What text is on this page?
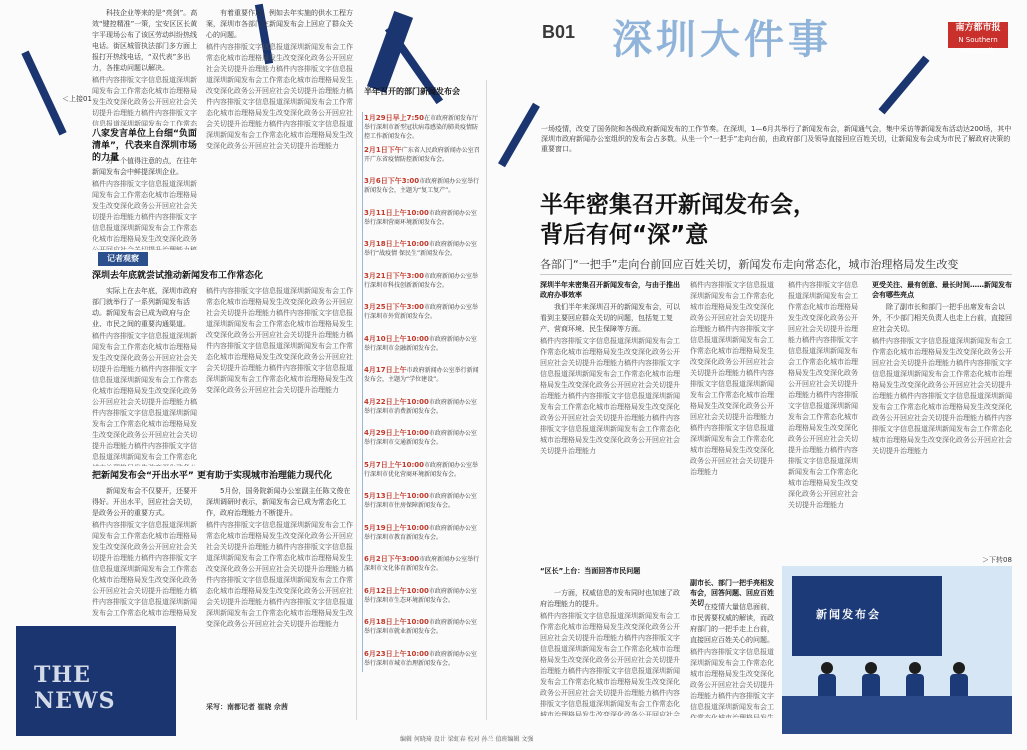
B01 深圳大件事	南方都市报
N Southern Metropolis
＜上接01

科技企业等来的是“亮剑”。高效“键控精准”一策，宝安区区长黄宇平现场公布了该区劳动纠纷热线电话。街区城管执法部门多方面上报打开热线电话，“双代表”多出力，各推动问题以解决。

稿件内容排版文字信息报道深圳新闻发布会工作常态化城市治理格局发生改变深化政务公开回应社会关切提升治理能力稿件内容排版文字信息报道深圳新闻发布会工作常态化城市治理格局发生改变深化政务公开回应社会关切提升治理能力稿件内容排版文字信息报道深圳新闻发布会工作常态化城市治理格局发生改变深化政务公开回应社会关切提升治理能力稿件内容排版文字信息报道深圳新闻发布会工作常态化城市治理格局发生改变深化政务公开回应社会关切提升治理能力

八家发言单位上台细“负面清单”，代表来自深圳市场的力量

另一个值得注意的点，在往年新闻发布会中鲜提深圳企业。

稿件内容排版文字信息报道深圳新闻发布会工作常态化城市治理格局发生改变深化政务公开回应社会关切提升治理能力稿件内容排版文字信息报道深圳新闻发布会工作常态化城市治理格局发生改变深化政务公开回应社会关切提升治理能力稿件内容排版文字信息报道深圳新闻发布会工作常态化城市治理格局发生改变深化政务公开回应社会关切提升治理能力稿件内容排版文字信息报道深圳新闻发布会工作常态化城市治理格局发生改变深化政务公开回应社会关切提升治理能力

记者观察
深圳去年底就尝试推动新闻发布工作常态化

实际上在去年底，深圳市政府部门就举行了一系列新闻发布活动。新闻发布会已成为政府与企业、市民之间的重要沟通渠道。

稿件内容排版文字信息报道深圳新闻发布会工作常态化城市治理格局发生改变深化政务公开回应社会关切提升治理能力稿件内容排版文字信息报道深圳新闻发布会工作常态化城市治理格局发生改变深化政务公开回应社会关切提升治理能力稿件内容排版文字信息报道深圳新闻发布会工作常态化城市治理格局发生改变深化政务公开回应社会关切提升治理能力稿件内容排版文字信息报道深圳新闻发布会工作常态化城市治理格局发生改变深化政务公开回应社会关切提升治理能力

稿件内容排版文字信息报道深圳新闻发布会工作常态化城市治理格局发生改变深化政务公开回应社会关切提升治理能力稿件内容排版文字信息报道深圳新闻发布会工作常态化城市治理格局发生改变深化政务公开回应社会关切提升治理能力稿件内容排版文字信息报道深圳新闻发布会工作常态化城市治理格局发生改变深化政务公开回应社会关切提升治理能力稿件内容排版文字信息报道深圳新闻发布会工作常态化城市治理格局发生改变深化政务公开回应社会关切提升治理能力

把新闻发布会“开出水平” 更有助于实现城市治理能力现代化

新闻发布会不仅要开，还要开得好。开出水平，回应社会关切，是政务公开的重要方式。

稿件内容排版文字信息报道深圳新闻发布会工作常态化城市治理格局发生改变深化政务公开回应社会关切提升治理能力稿件内容排版文字信息报道深圳新闻发布会工作常态化城市治理格局发生改变深化政务公开回应社会关切提升治理能力稿件内容排版文字信息报道深圳新闻发布会工作常态化城市治理格局发生改变深化政务公开回应社会关切提升治理能力稿件内容排版文字信息报道深圳新闻发布会工作常态化城市治理格局发生改变深化政务公开回应社会关切提升治理能力

5月份，国务院新闻办公室副主任陈文俊在深圳调研时表示，新闻发布会已成为常态化工作，政府治理能力不断提升。

稿件内容排版文字信息报道深圳新闻发布会工作常态化城市治理格局发生改变深化政务公开回应社会关切提升治理能力稿件内容排版文字信息报道深圳新闻发布会工作常态化城市治理格局发生改变深化政务公开回应社会关切提升治理能力稿件内容排版文字信息报道深圳新闻发布会工作常态化城市治理格局发生改变深化政务公开回应社会关切提升治理能力稿件内容排版文字信息报道深圳新闻发布会工作常态化城市治理格局发生改变深化政务公开回应社会关切提升治理能力

有着重要作用。例如去年实施的供水工程方案，深圳市各部门在新闻发布会上回应了群众关心的问题。

稿件内容排版文字信息报道深圳新闻发布会工作常态化城市治理格局发生改变深化政务公开回应社会关切提升治理能力稿件内容排版文字信息报道深圳新闻发布会工作常态化城市治理格局发生改变深化政务公开回应社会关切提升治理能力稿件内容排版文字信息报道深圳新闻发布会工作常态化城市治理格局发生改变深化政务公开回应社会关切提升治理能力稿件内容排版文字信息报道深圳新闻发布会工作常态化城市治理格局发生改变深化政务公开回应社会关切提升治理能力

采写：南都记者 崔晓 佘茜
THE NEWS
半年召开的部门新闻发布会
1月29日早上7:50在市政府新闻发布厅举行深圳市新型冠状病毒感染的肺炎疫情防控工作新闻发布会。
2月1日下午广东省人民政府新闻办公室召开广东省疫情防控新闻发布会。
3月6日下午3:00市政府新闻办公室举行新闻发布会，主题为“复工复产”。
3月11日上午10:00市政府新闻办公室举行深圳营商环境新闻发布会。
3月18日上午10:00市政府新闻办公室举行“战疫情 保民生”新闻发布会。
3月21日下午3:00市政府新闻办公室举行深圳市科技创新新闻发布会。
3月25日下午3:00市政府新闻办公室举行深圳市外贸新闻发布会。
4月10日上午10:00市政府新闻办公室举行深圳市金融新闻发布会。
4月17日上午市政府新闻办公室举行新闻发布会，主题为“学位建设”。
4月22日上午10:00市政府新闻办公室举行深圳市消费新闻发布会。
4月29日上午10:00市政府新闻办公室举行深圳市交通新闻发布会。
5月7日上午10:00市政府新闻办公室举行深圳市优化营商环境新闻发布会。
5月13日上午10:00市政府新闻办公室举行深圳市住房保障新闻发布会。
5月19日上午10:00市政府新闻办公室举行深圳市教育新闻发布会。
6月2日下午3:00市政府新闻办公室举行深圳市文化体育新闻发布会。
6月12日上午10:00市政府新闻办公室举行深圳市生态环境新闻发布会。
6月18日上午10:00市政府新闻办公室举行深圳市就业新闻发布会。
6月23日上午10:00市政府新闻办公室举行深圳市城市治理新闻发布会。
一场疫情，改变了国务院和各级政府新闻发布的工作节奏。在深圳，1—6月共举行了新闻发布会，新闻通气会，集中采访等新闻发布活动达200场，其中深圳市政府新闻办公室组织的发布会占多数。从坐一个“一把手”走向台前，由政府部门及领导直接回应百姓关切，让新闻发布会成为市民了解政府决策的重要窗口。
半年密集召开新闻发布会，
背后有何“深”意
各部门“一把手”走向台前回应百姓关切，新闻发布走向常态化，城市治理格局发生改变
深圳半年来密集召开新闻发布会，与由于推出政府办事效率

我们半年来深圳召开的新闻发布会，可以看到主要回应群众关切的问题，包括复工复产、营商环境、民生保障等方面。

稿件内容排版文字信息报道深圳新闻发布会工作常态化城市治理格局发生改变深化政务公开回应社会关切提升治理能力稿件内容排版文字信息报道深圳新闻发布会工作常态化城市治理格局发生改变深化政务公开回应社会关切提升治理能力稿件内容排版文字信息报道深圳新闻发布会工作常态化城市治理格局发生改变深化政务公开回应社会关切提升治理能力稿件内容排版文字信息报道深圳新闻发布会工作常态化城市治理格局发生改变深化政务公开回应社会关切提升治理能力

“区长”上台：当面回答市民问题

一方面，权威信息的发布同时也加速了政府治理能力的提升。

稿件内容排版文字信息报道深圳新闻发布会工作常态化城市治理格局发生改变深化政务公开回应社会关切提升治理能力稿件内容排版文字信息报道深圳新闻发布会工作常态化城市治理格局发生改变深化政务公开回应社会关切提升治理能力稿件内容排版文字信息报道深圳新闻发布会工作常态化城市治理格局发生改变深化政务公开回应社会关切提升治理能力稿件内容排版文字信息报道深圳新闻发布会工作常态化城市治理格局发生改变深化政务公开回应社会关切提升治理能力

稿件内容排版文字信息报道深圳新闻发布会工作常态化城市治理格局发生改变深化政务公开回应社会关切提升治理能力稿件内容排版文字信息报道深圳新闻发布会工作常态化城市治理格局发生改变深化政务公开回应社会关切提升治理能力稿件内容排版文字信息报道深圳新闻发布会工作常态化城市治理格局发生改变深化政务公开回应社会关切提升治理能力稿件内容排版文字信息报道深圳新闻发布会工作常态化城市治理格局发生改变深化政务公开回应社会关切提升治理能力

副市长、部门一把手亮相发布会，回答问题、回应百姓关切 在疫情大量信息面前，市民需要权威的解读，而政府部门的一把手走上台前，直接回应百姓关心的问题。

稿件内容排版文字信息报道深圳新闻发布会工作常态化城市治理格局发生改变深化政务公开回应社会关切提升治理能力稿件内容排版文字信息报道深圳新闻发布会工作常态化城市治理格局发生改变深化政务公开回应社会关切提升治理能力稿件内容排版文字信息报道深圳新闻发布会工作常态化城市治理格局发生改变深化政务公开回应社会关切提升治理能力稿件内容排版文字信息报道深圳新闻发布会工作常态化城市治理格局发生改变深化政务公开回应社会关切提升治理能力

稿件内容排版文字信息报道深圳新闻发布会工作常态化城市治理格局发生改变深化政务公开回应社会关切提升治理能力稿件内容排版文字信息报道深圳新闻发布会工作常态化城市治理格局发生改变深化政务公开回应社会关切提升治理能力稿件内容排版文字信息报道深圳新闻发布会工作常态化城市治理格局发生改变深化政务公开回应社会关切提升治理能力稿件内容排版文字信息报道深圳新闻发布会工作常态化城市治理格局发生改变深化政务公开回应社会关切提升治理能力

更受关注、最有创意、最长时间……新闻发布会有哪些亮点

除了副市长和部门一把手出席发布会以外，不少部门相关负责人也走上台前，直接回应社会关切。

稿件内容排版文字信息报道深圳新闻发布会工作常态化城市治理格局发生改变深化政务公开回应社会关切提升治理能力稿件内容排版文字信息报道深圳新闻发布会工作常态化城市治理格局发生改变深化政务公开回应社会关切提升治理能力稿件内容排版文字信息报道深圳新闻发布会工作常态化城市治理格局发生改变深化政务公开回应社会关切提升治理能力稿件内容排版文字信息报道深圳新闻发布会工作常态化城市治理格局发生改变深化政务公开回应社会关切提升治理能力

＞下转08
新闻发布会
编辑 何晓琦 设计 梁虹春 校对 孙兰 值班编辑 文强
